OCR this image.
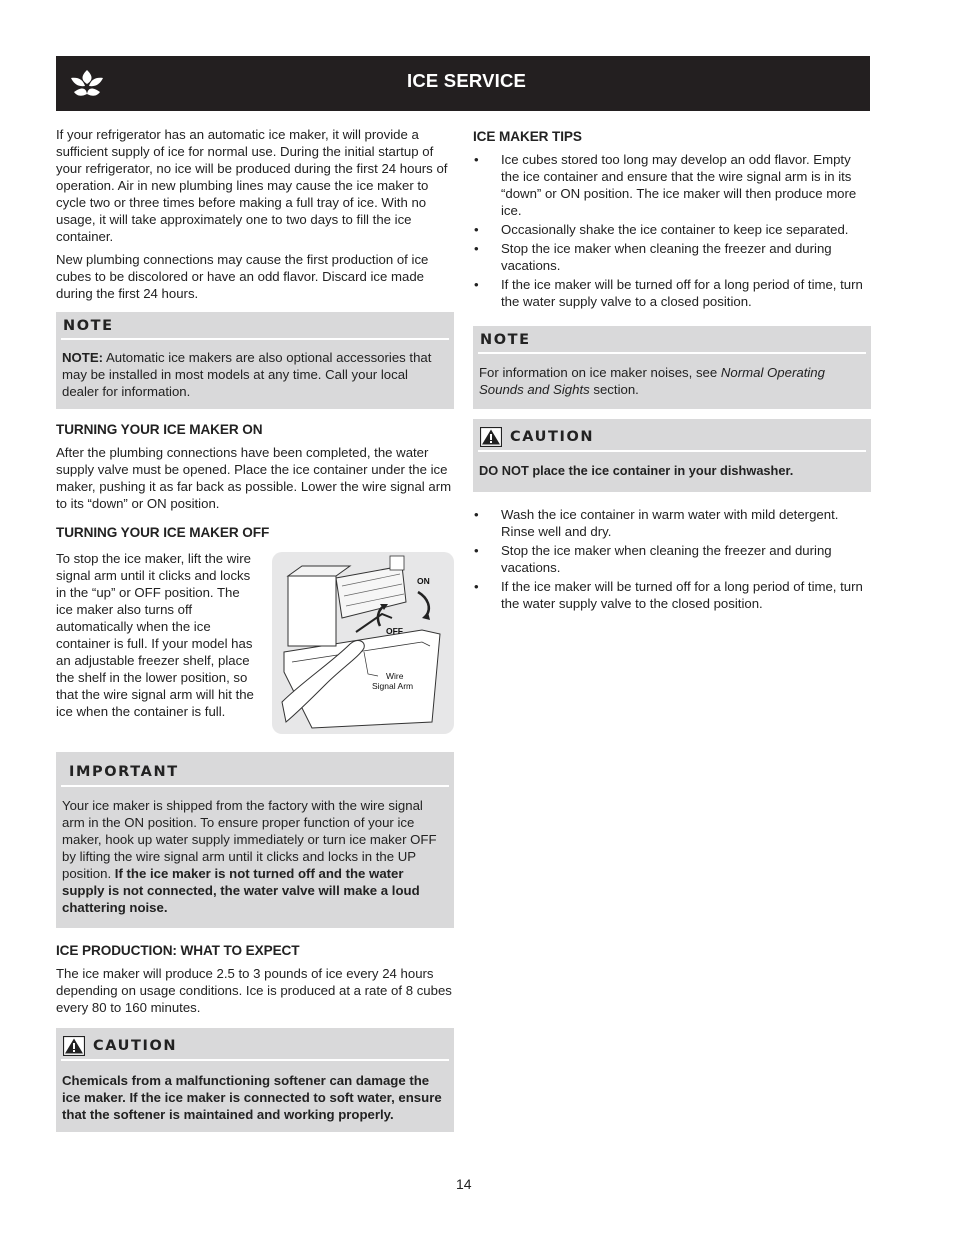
ICE SERVICE

If your refrigerator has an automatic ice maker, it will provide a sufficient supply of ice for normal use. During the initial startup of your refrigerator, no ice will be produced during the first 24 hours of operation. Air in new plumbing lines may cause the ice maker to cycle two or three times before making a full tray of ice. With no usage, it will take approximately one to two days to fill the ice container.

New plumbing connections may cause the first production of ice cubes to be discolored or have an odd flavor. Discard ice made during the first 24 hours.

NOTE
NOTE: Automatic ice makers are also optional accessories that may be installed in most models at any time. Call your local dealer for information.
TURNING YOUR ICE MAKER ON

After the plumbing connections have been completed, the water supply valve must be opened. Place the ice container under the ice maker, pushing it as far back as possible. Lower the wire signal arm to its “down” or ON position.

TURNING YOUR ICE MAKER OFF
ON
OFF
Wire
Signal Arm

To stop the ice maker, lift the wire signal arm until it clicks and locks in the “up” or OFF position. The ice maker also turns off automatically when the ice container is full. If your model has an adjustable freezer shelf, place the shelf in the lower position, so that the wire signal arm will hit the ice when the container is full.

IMPORTANT
Your ice maker is shipped from the factory with the wire signal arm in the ON position. To ensure proper function of your ice maker, hook up water supply immediately or turn ice maker OFF by lifting the wire signal arm until it clicks and locks in the UP position. If the ice maker is not turned off and the water supply is not connected, the water valve will make a loud chattering noise.
ICE PRODUCTION: WHAT TO EXPECT

The ice maker will produce 2.5 to 3 pounds of ice every 24 hours depending on usage conditions. Ice is produced at a rate of 8 cubes every 80 to 160 minutes.

CAUTION
Chemicals from a malfunctioning softener can damage the ice maker. If the ice maker is connected to soft water, ensure that the softener is maintained and working properly.
ICE MAKER TIPS
• Ice cubes stored too long may develop an odd flavor. Empty the ice container and ensure that the wire signal arm is in its “down” or ON position. The ice maker will then produce more ice.
• Occasionally shake the ice container to keep ice separated.
• Stop the ice maker when cleaning the freezer and during vacations.
• If the ice maker will be turned off for a long period of time, turn the water supply valve to a closed position.
NOTE
For information on ice maker noises, see Normal Operating Sounds and Sights section.
CAUTION
DO NOT place the ice container in your dishwasher.
• Wash the ice container in warm water with mild detergent. Rinse well and dry.
• Stop the ice maker when cleaning the freezer and during vacations.
• If the ice maker will be turned off for a long period of time, turn the water supply valve to the closed position.
14
